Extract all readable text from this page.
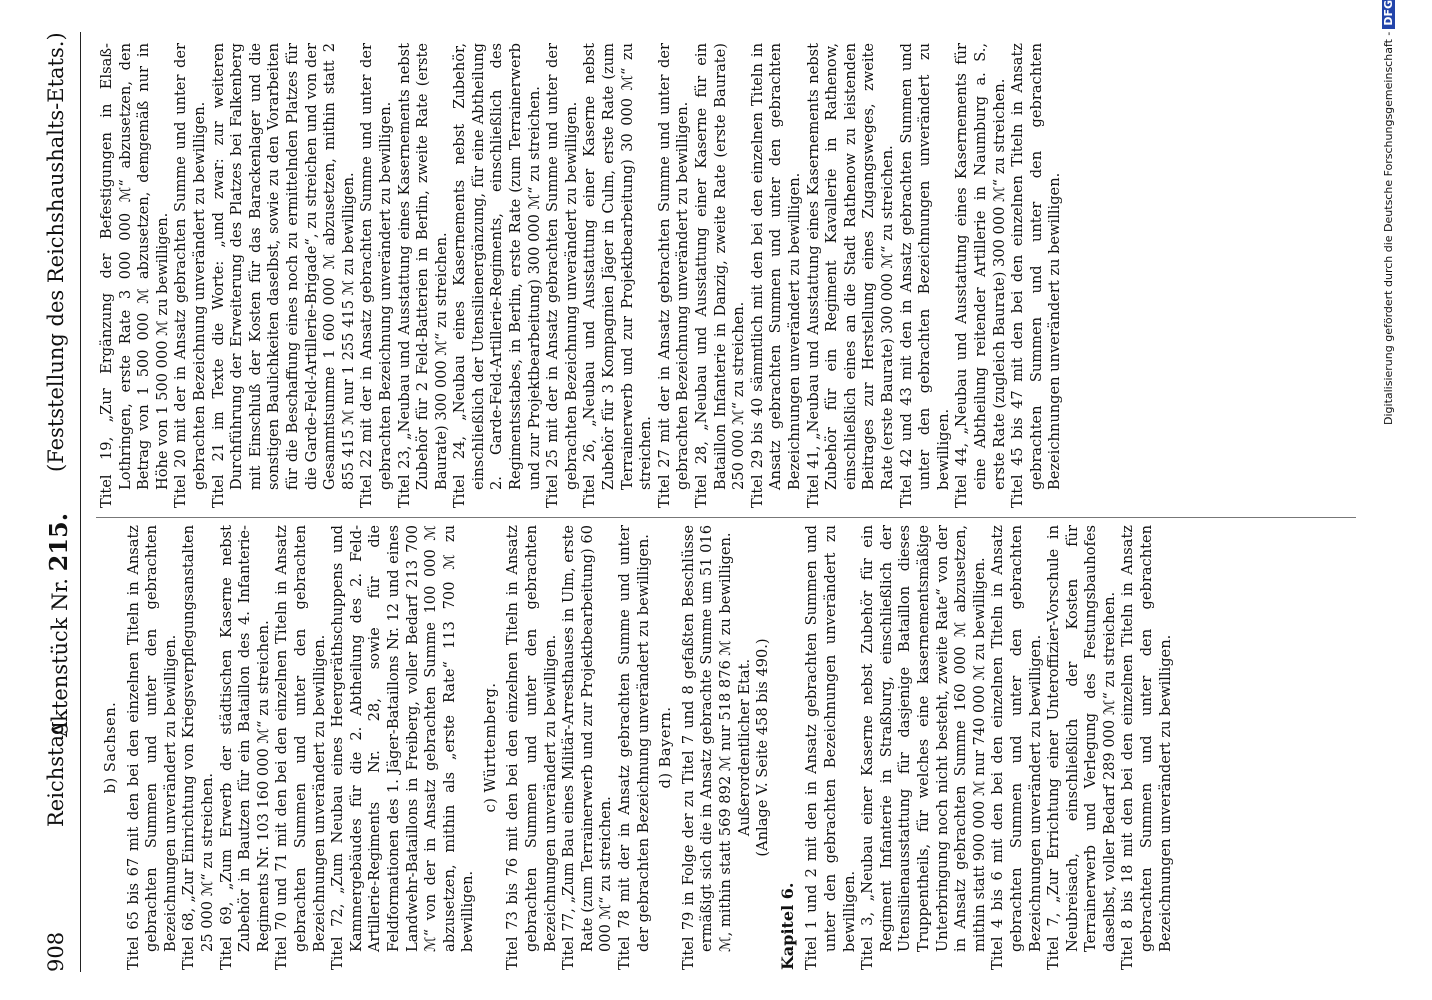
908
Reichstag.
Aktenstück Nr. 215.
(Feststellung des Reichshaushalts-Etats.)

b) Sachsen. Titel 65 bis 67 mit den bei den einzelnen Titeln in Ansatz gebrachten Summen und unter den gebrachten Bezeichnungen unverändert zu bewilligen. Titel 68, „Zur Einrichtung von Kriegsverpflegungsanstalten 25 000 ℳ“ zu streichen. Titel 69, „Zum Erwerb der städtischen Kaserne nebst Zubehör in Bautzen für ein Bataillon des 4. Infanterie-Regiments Nr. 103 160 000 ℳ“ zu streichen. Titel 70 und 71 mit den bei den einzelnen Titeln in Ansatz gebrachten Summen und unter den gebrachten Bezeichnungen unverändert zu bewilligen. Titel 72, „Zum Neubau eines Heergeräthschuppens und Kammergebäudes für die 2. Abtheilung des 2. Feld-Artillerie-Regiments Nr. 28, sowie für die Feldformationen des 1. Jäger-Bataillons Nr. 12 und eines Landwehr-Bataillons in Freiberg, voller Bedarf 213 700 ℳ“ von der in Ansatz gebrachten Summe 100 000 ℳ abzusetzen, mithin als „erste Rate“ 113 700 ℳ zu bewilligen.

c) Württemberg. Titel 73 bis 76 mit den bei den einzelnen Titeln in Ansatz gebrachten Summen und unter den gebrachten Bezeichnungen unverändert zu bewilligen. Titel 77, „Zum Bau eines Militär-Arresthauses in Ulm, erste Rate (zum Terrainerwerb und zur Projektbearbeitung) 60 000 ℳ“ zu streichen. Titel 78 mit der in Ansatz gebrachten Summe und unter der gebrachten Bezeichnung unverändert zu bewilligen. d) Bayern. Titel 79 in Folge der zu Titel 7 und 8 gefaßten Beschlüsse ermäßigt sich die in Ansatz gebrachte Summe um 51 016 ℳ, mithin statt 569 892 ℳ nur 518 876 ℳ zu bewilligen. Außerordentlicher Etat. (Anlage V. Seite 458 bis 490.)

Kapitel 6. Titel 1 und 2 mit den in Ansatz gebrachten Summen und unter den gebrachten Bezeichnungen unverändert zu bewilligen. Titel 3, „Neubau einer Kaserne nebst Zubehör für ein Regiment Infanterie in Straßburg, einschließlich der Utensilienausstattung für dasjenige Bataillon dieses Truppentheils, für welches eine kasernementsmäßige Unterbringung noch nicht besteht, zweite Rate“ von der in Ansatz gebrachten Summe 160 000 ℳ abzusetzen, mithin statt 900 000 ℳ nur 740 000 ℳ zu bewilligen. Titel 4 bis 6 mit den bei den einzelnen Titeln in Ansatz gebrachten Summen und unter den gebrachten Bezeichnungen unverändert zu bewilligen. Titel 7, „Zur Errichtung einer Unteroffizier-Vorschule in Neubreisach, einschließlich der Kosten für Terrainerwerb und Verlegung des Festungsbauhofes daselbst, voller Bedarf 289 000 ℳ“ zu streichen. Titel 8 bis 18 mit den bei den einzelnen Titeln in Ansatz gebrachten Summen und unter den gebrachten Bezeichnungen unverändert zu bewilligen.

Titel 19, „Zur Ergänzung der Befestigungen in Elsaß-Lothringen, erste Rate 3 000 000 ℳ“ abzusetzen, den Betrag von 1 500 000 ℳ abzusetzen, demgemäß nur in Höhe von 1 500 000 ℳ zu bewilligen. Titel 20 mit der in Ansatz gebrachten Summe und unter der gebrachten Bezeichnung unverändert zu bewilligen. Titel 21 im Texte die Worte: „und zwar: zur weiteren Durchführung der Erweiterung des Platzes bei Falkenberg mit Einschluß der Kosten für das Barackenlager und die sonstigen Baulichkeiten daselbst, sowie zu den Vorarbeiten für die Beschaffung eines noch zu ermittelnden Platzes für die Garde-Feld-Artillerie-Brigade“, zu streichen und von der Gesammtsumme 1 600 000 ℳ abzusetzen, mithin statt 2 855 415 ℳ nur 1 255 415 ℳ zu bewilligen. Titel 22 mit der in Ansatz gebrachten Summe und unter der gebrachten Bezeichnung unverändert zu bewilligen. Titel 23, „Neubau und Ausstattung eines Kasernements nebst Zubehör für 2 Feld-Batterien in Berlin, zweite Rate (erste Baurate) 300 000 ℳ“ zu streichen. Titel 24, „Neubau eines Kasernements nebst Zubehör, einschließlich der Utensilienergänzung, für eine Abtheilung 2. Garde-Feld-Artillerie-Regiments, einschließlich des Regimentsstabes, in Berlin, erste Rate (zum Terrainerwerb und zur Projektbearbeitung) 300 000 ℳ“ zu streichen. Titel 25 mit der in Ansatz gebrachten Summe und unter der gebrachten Bezeichnung unverändert zu bewilligen. Titel 26, „Neubau und Ausstattung einer Kaserne nebst Zubehör für 3 Kompagnien Jäger in Culm, erste Rate (zum Terrainerwerb und zur Projektbearbeitung) 30 000 ℳ“ zu streichen. Titel 27 mit der in Ansatz gebrachten Summe und unter der gebrachten Bezeichnung unverändert zu bewilligen. Titel 28, „Neubau und Ausstattung einer Kaserne für ein Bataillon Infanterie in Danzig, zweite Rate (erste Baurate) 250 000 ℳ“ zu streichen. Titel 29 bis 40 sämmtlich mit den bei den einzelnen Titeln in Ansatz gebrachten Summen und unter den gebrachten Bezeichnungen unverändert zu bewilligen. Titel 41, „Neubau und Ausstattung eines Kasernements nebst Zubehör für ein Regiment Kavallerie in Rathenow, einschließlich eines an die Stadt Rathenow zu leistenden Beitrages zur Herstellung eines Zugangsweges, zweite Rate (erste Baurate) 300 000 ℳ“ zu streichen. Titel 42 und 43 mit den in Ansatz gebrachten Summen und unter den gebrachten Bezeichnungen unverändert zu bewilligen. Titel 44, „Neubau und Ausstattung eines Kasernements für eine Abtheilung reitender Artillerie in Naumburg a. S., erste Rate (zugleich Baurate) 300 000 ℳ“ zu streichen. Titel 45 bis 47 mit den bei den einzelnen Titeln in Ansatz gebrachten Summen und unter den gebrachten Bezeichnungen unverändert zu bewilligen.	Digitalisierung gefördert durch die Deutsche Forschungsgemeinschaft -DFG
